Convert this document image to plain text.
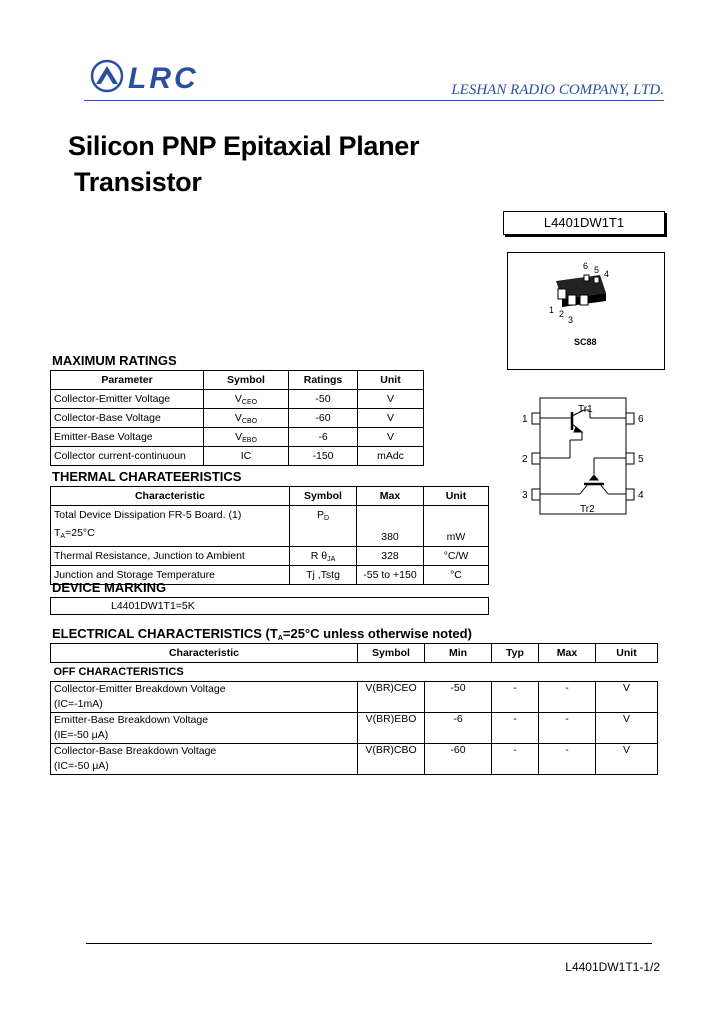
LRC	LESHAN RADIO COMPANY, LTD.
Silicon PNP Epitaxial Planer
Transistor
L4401DW1T1
6 5 4
1 2
3
SC88
1
2
3
6
5
4
Tr1
Tr2
MAXIMUM RATINGS
Parameter	Symbol	Ratings	Unit
Collector-Emitter Voltage	$V_{CEO}$	-50	V
Collector-Base Voltage	$V_{CBO}$	-60	V
Emitter-Base Voltage	$V_{EBO}$	-6	V
Collector current-continuoun	IC	-150	mAdc
THERMAL CHARATEERISTICS
Characteristic	Symbol	Max	Unit

Total Device Dissipation FR-5 Board. (1)
$T_A=25^\circ C$	$P_D$	380	mW
Thermal Resistance, Junction to Ambient	R $\theta_{JA}$	328	°C/W
Junction and Storage Temperature	Tj ,Tstg	-55 to +150	°C
DEVICE MARKING
L4401DW1T1=5K
ELECTRICAL CHARACTERISTICS ($T_A=25^\circ C$ unless otherwise noted)
Characteristic	Symbol	Min	Typ	Max	Unit
OFF CHARACTERISTICS					

Collector-Emitter Breakdown Voltage
(IC=-1mA)	V(BR)CEO	-50	-	-	V

Emitter-Base Breakdown Voltage
(IE=-50 μA)	V(BR)EBO	-6	-	-	V

Collector-Base Breakdown Voltage
(IC=-50 μA)	V(BR)CBO	-60	-	-	V
L4401DW1T1-1/2
